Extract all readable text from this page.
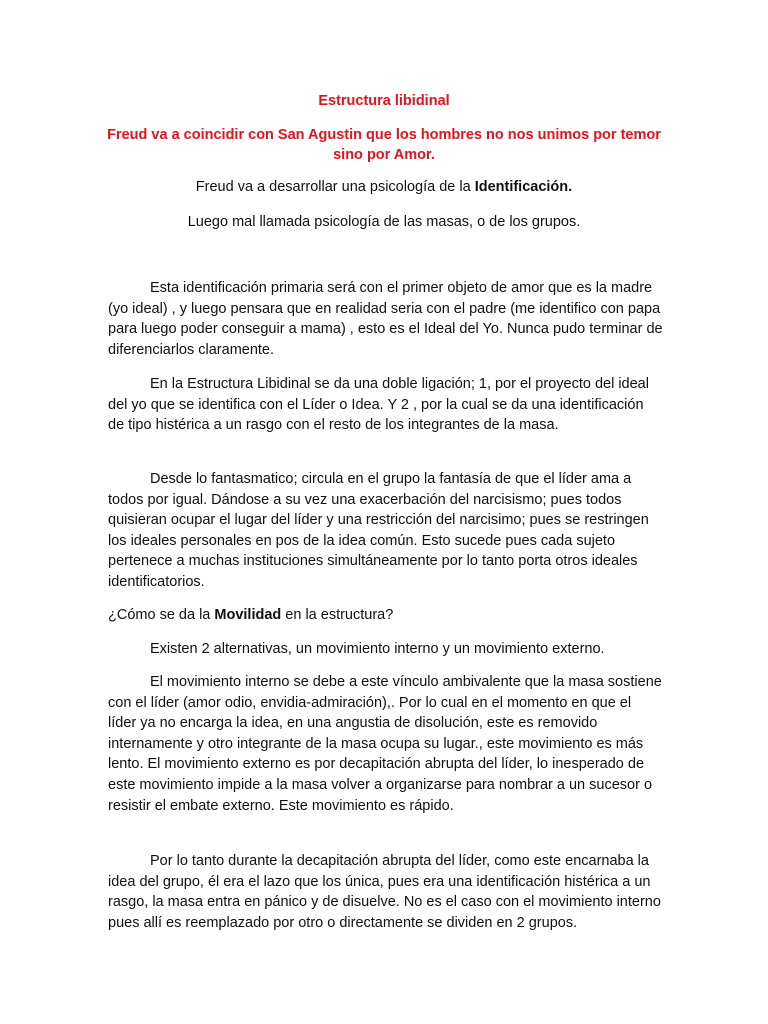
Estructura libidinal

Freud va a coincidir con San Agustin que los hombres no nos unimos por temor sino por Amor.

Freud va a desarrollar una psicología de la Identificación.

Luego mal llamada psicología de las masas, o de los grupos.

Esta identificación primaria será con el primer objeto de amor que es la madre (yo ideal) , y luego pensara que en realidad seria con el padre (me identifico con papa para luego poder conseguir a mama) , esto es el Ideal del Yo. Nunca pudo terminar de diferenciarlos claramente.

En la Estructura Libidinal se da una doble ligación; 1, por el proyecto del ideal del yo que se identifica con el Líder o Idea. Y 2 , por la cual se da una identificación de tipo histérica a un rasgo con el resto de los integrantes de la masa.

Desde lo fantasmatico; circula en el grupo la fantasía de que el líder ama a todos por igual. Dándose a su vez una exacerbación del narcisismo; pues todos quisieran ocupar el lugar del líder y una restricción del narcisimo; pues se restringen los ideales personales en pos de la idea común. Esto sucede pues cada sujeto pertenece a muchas instituciones simultáneamente por lo tanto porta otros ideales identificatorios.

¿Cómo se da la Movilidad en la estructura?

Existen 2 alternativas, un movimiento interno y un movimiento externo.

El movimiento interno se debe a este vínculo ambivalente que la masa sostiene con el líder (amor odio, envidia-admiración),. Por lo cual en el momento en que el líder ya no encarga la idea, en una angustia de disolución, este es removido internamente y otro integrante de la masa ocupa su lugar., este movimiento es más lento. El movimiento externo es por decapitación abrupta del líder, lo inesperado de este movimiento impide a la masa volver a organizarse para nombrar a un sucesor o resistir el embate externo. Este movimiento es rápido.

Por lo tanto durante la decapitación abrupta del líder, como este encarnaba la idea del grupo, él era el lazo que los única, pues era una identificación histérica a un rasgo, la masa entra en pánico y de disuelve. No es el caso con el movimiento interno pues allí es reemplazado por otro o directamente se dividen en 2 grupos.
